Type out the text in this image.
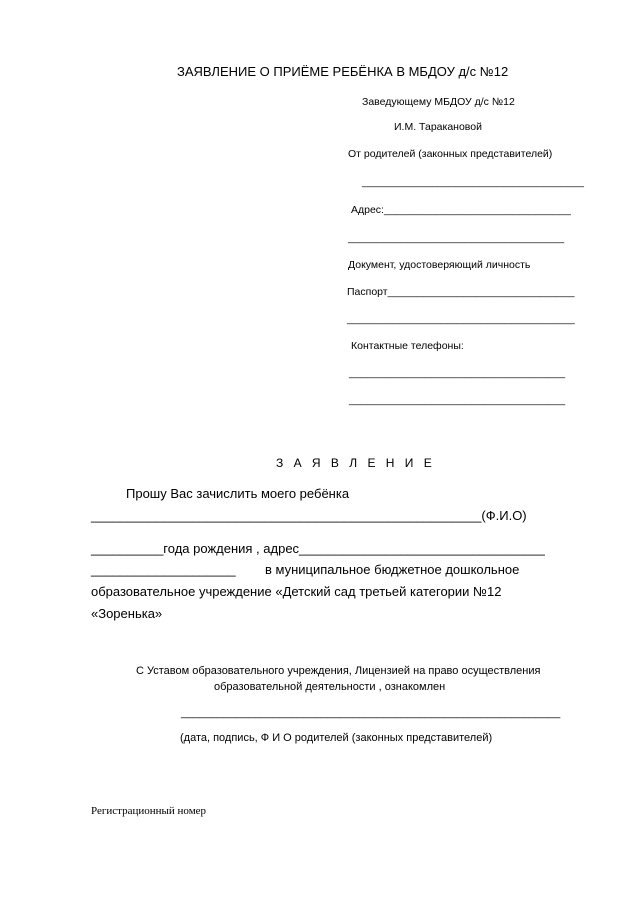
ЗАЯВЛЕНИЕ О ПРИЁМЕ РЕБЁНКА В МБДОУ д/с №12
Заведующему МБДОУ д/с №12
И.М. Таракановой
От родителей (законных представителей)
______________________________________
Адрес:________________________________
_____________________________________
Документ, удостоверяющий личность
Паспорт________________________________
_______________________________________
Контактные телефоны:
_____________________________________
_____________________________________
З А Я В Л Е Н И Е
Прошу Вас зачислить моего ребёнка
______________________________________________________(Ф.И.О)
__________года рождения , адрес__________________________________
____________________ в муниципальное бюджетное дошкольное
образовательное учреждение «Детский сад третьей категории №12
«Зоренька»
С Уставом образовательного учреждения, Лицензией на право осуществления
образовательной деятельности , ознакомлен
______________________________________________________________
(дата, подпись, Ф И О родителей (законных представителей)
Регистрационный номер
